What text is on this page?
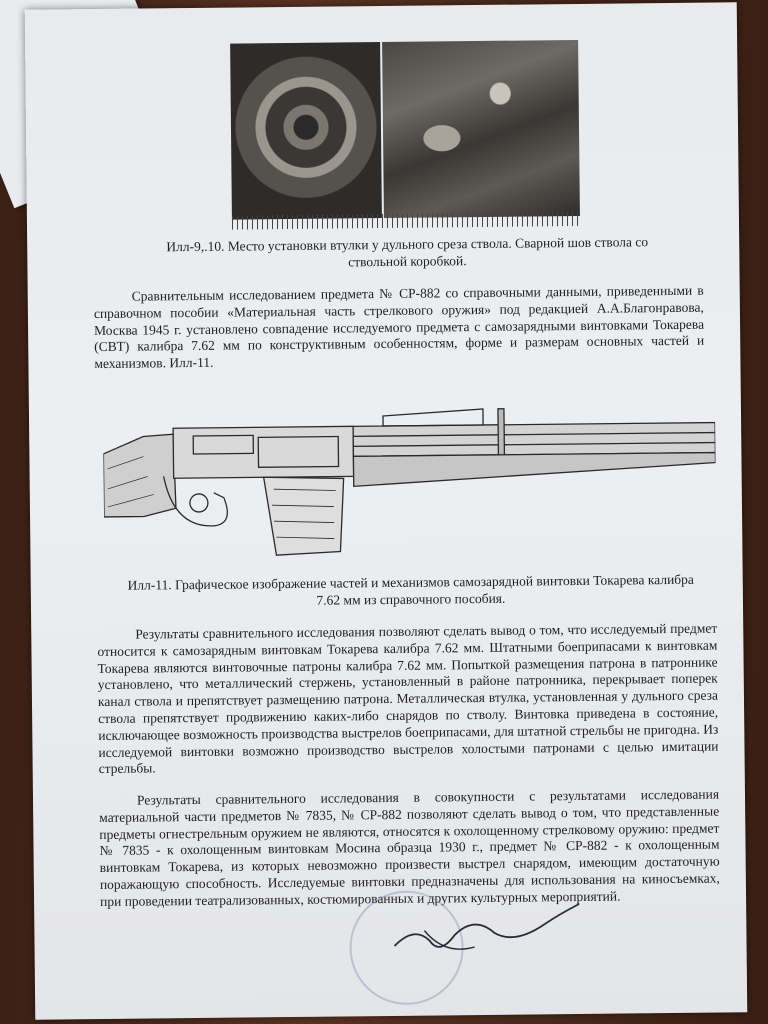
Илл-9,.10. Место установки втулки у дульного среза ствола. Сварной шов ствола со ствольной коробкой.
Сравнительным исследованием предмета № СР-882 со справочными данными, приведенными в справочном пособии «Материальная часть стрелкового оружия» под редакцией А.А.Благонравова, Москва 1945 г. установлено совпадение исследуемого предмета с самозарядными винтовками Токарева (СВТ) калибра 7.62 мм по конструктивным особенностям, форме и размерам основных частей и механизмов. Илл-11.
Илл-11. Графическое изображение частей и механизмов самозарядной винтовки Токарева калибра 7.62 мм из справочного пособия.
Результаты сравнительного исследования позволяют сделать вывод о том, что исследуемый предмет относится к самозарядным винтовкам Токарева калибра 7.62 мм. Штатными боеприпасами к винтовкам Токарева являются винтовочные патроны калибра 7.62 мм. Попыткой размещения патрона в патроннике установлено, что металлический стержень, установленный в районе патронника, перекрывает поперек канал ствола и препятствует размещению патрона. Металлическая втулка, установленная у дульного среза ствола препятствует продвижению каких-либо снарядов по стволу. Винтовка приведена в состояние, исключающее возможность производства выстрелов боеприпасами, для штатной стрельбы не пригодна. Из исследуемой винтовки возможно производство выстрелов холостыми патронами с целью имитации стрельбы.
Результаты сравнительного исследования в совокупности с результатами исследования материальной части предметов № 7835, № СР-882 позволяют сделать вывод о том, что представленные предметы огнестрельным оружием не являются, относятся к охолощенному стрелковому оружию: предмет № 7835 - к охолощенным винтовкам Мосина образца 1930 г., предмет № СР-882 - к охолощенным винтовкам Токарева, из которых невозможно произвести выстрел снарядом, имеющим достаточную поражающую способность. Исследуемые винтовки предназначены для использования на киносъемках, при проведении театрализованных, костюмированных и других культурных мероприятий.
